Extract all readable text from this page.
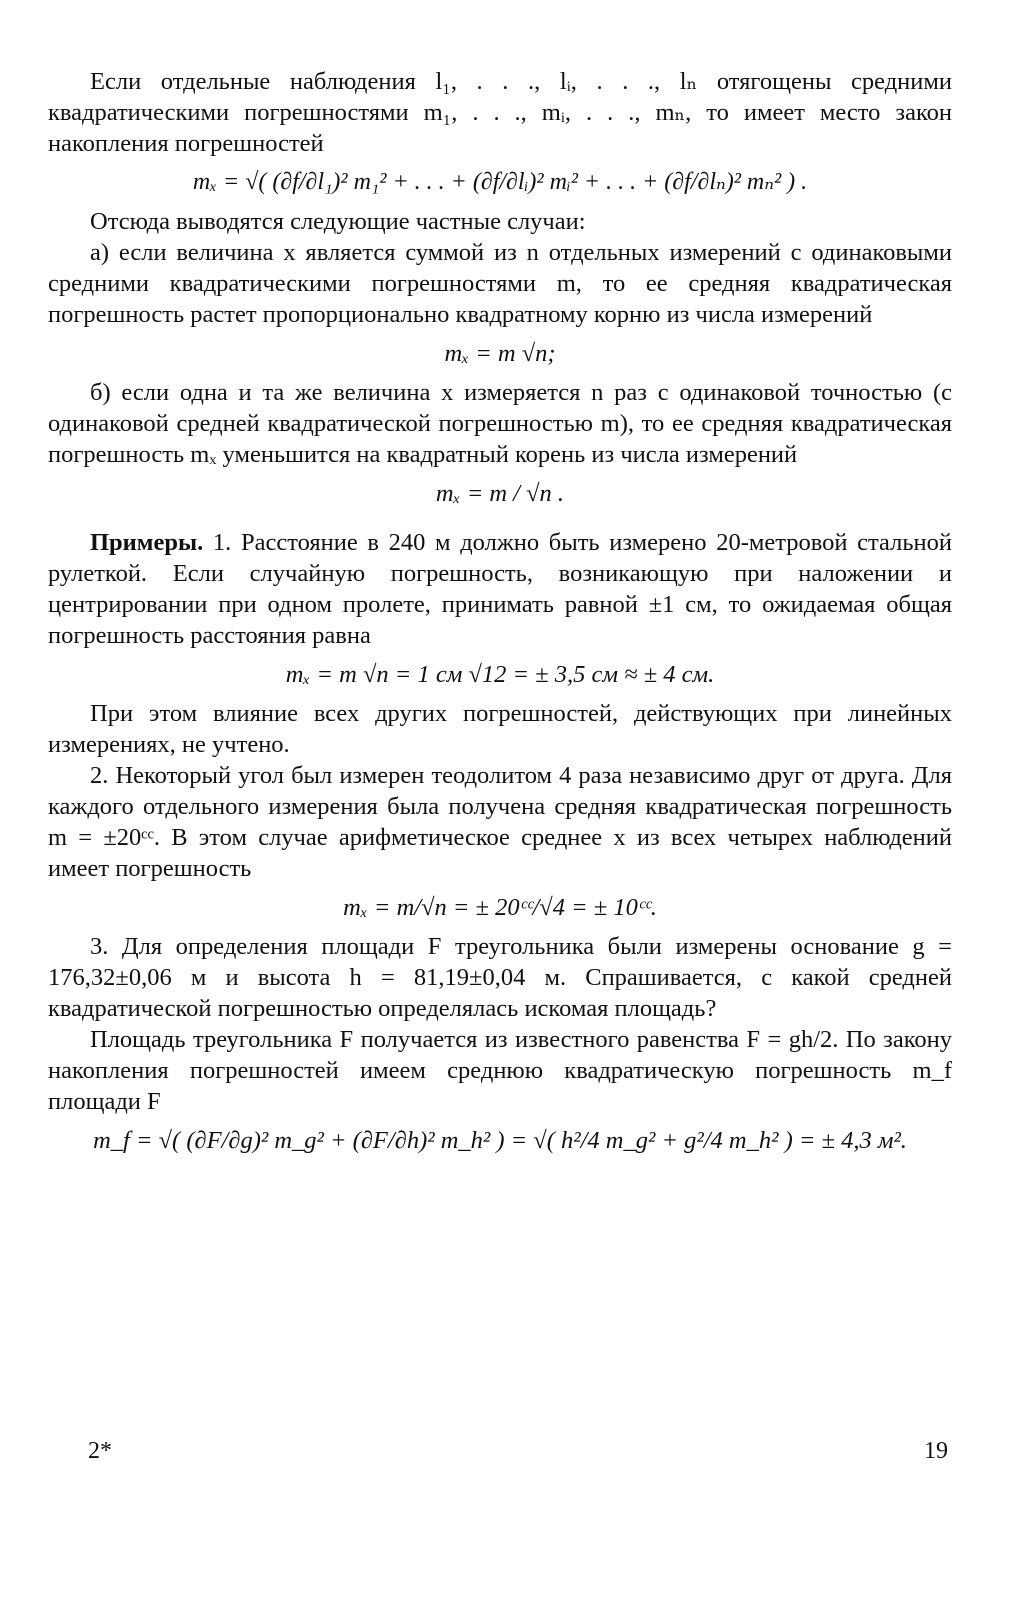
Если отдельные наблюдения l₁, . . ., lᵢ, . . ., lₙ отягощены средними квадратическими погрешностями m₁, . . ., mᵢ, . . ., mₙ, то имеет место закон накопления погрешностей

mₓ = √( (∂f/∂l₁)² m₁² + . . . + (∂f/∂lᵢ)² mᵢ² + . . . + (∂f/∂lₙ)² mₙ² ) .

Отсюда выводятся следующие частные случаи:

а) если величина x является суммой из n отдельных измерений с одинаковыми средними квадратическими погрешностями m, то ее средняя квадратическая погрешность растет пропорционально квадратному корню из числа измерений

mₓ = m √n;

б) если одна и та же величина x измеряется n раз с одинаковой точностью (с одинаковой средней квадратической погрешностью m), то ее средняя квадратическая погрешность mₓ уменьшится на квадратный корень из числа измерений

mₓ = m / √n .

Примеры. 1. Расстояние в 240 м должно быть измерено 20-метровой стальной рулеткой. Если случайную погрешность, возникающую при наложении и центрировании при одном пролете, принимать равной ±1 см, то ожидаемая общая погрешность расстояния равна

mₓ = m √n = 1 см √12 = ± 3,5 см ≈ ± 4 см.

При этом влияние всех других погрешностей, действующих при линейных измерениях, не учтено.

2. Некоторый угол был измерен теодолитом 4 раза независимо друг от друга. Для каждого отдельного измерения была получена средняя квадратическая погрешность m = ±20ᶜᶜ. В этом случае арифметическое среднее x из всех четырех наблюдений имеет погрешность

mₓ = m/√n = ± 20ᶜᶜ/√4 = ± 10ᶜᶜ.

3. Для определения площади F треугольника были измерены основание g = 176,32±0,06 м и высота h = 81,19±0,04 м. Спрашивается, с какой средней квадратической погрешностью определялась искомая площадь?

Площадь треугольника F получается из известного равенства F = gh/2. По закону накопления погрешностей имеем среднюю квадратическую погрешность m_f площади F

m_f = √( (∂F/∂g)² m_g² + (∂F/∂h)² m_h² ) = √( h²/4 m_g² + g²/4 m_h² ) = ± 4,3 м².
2*	19
